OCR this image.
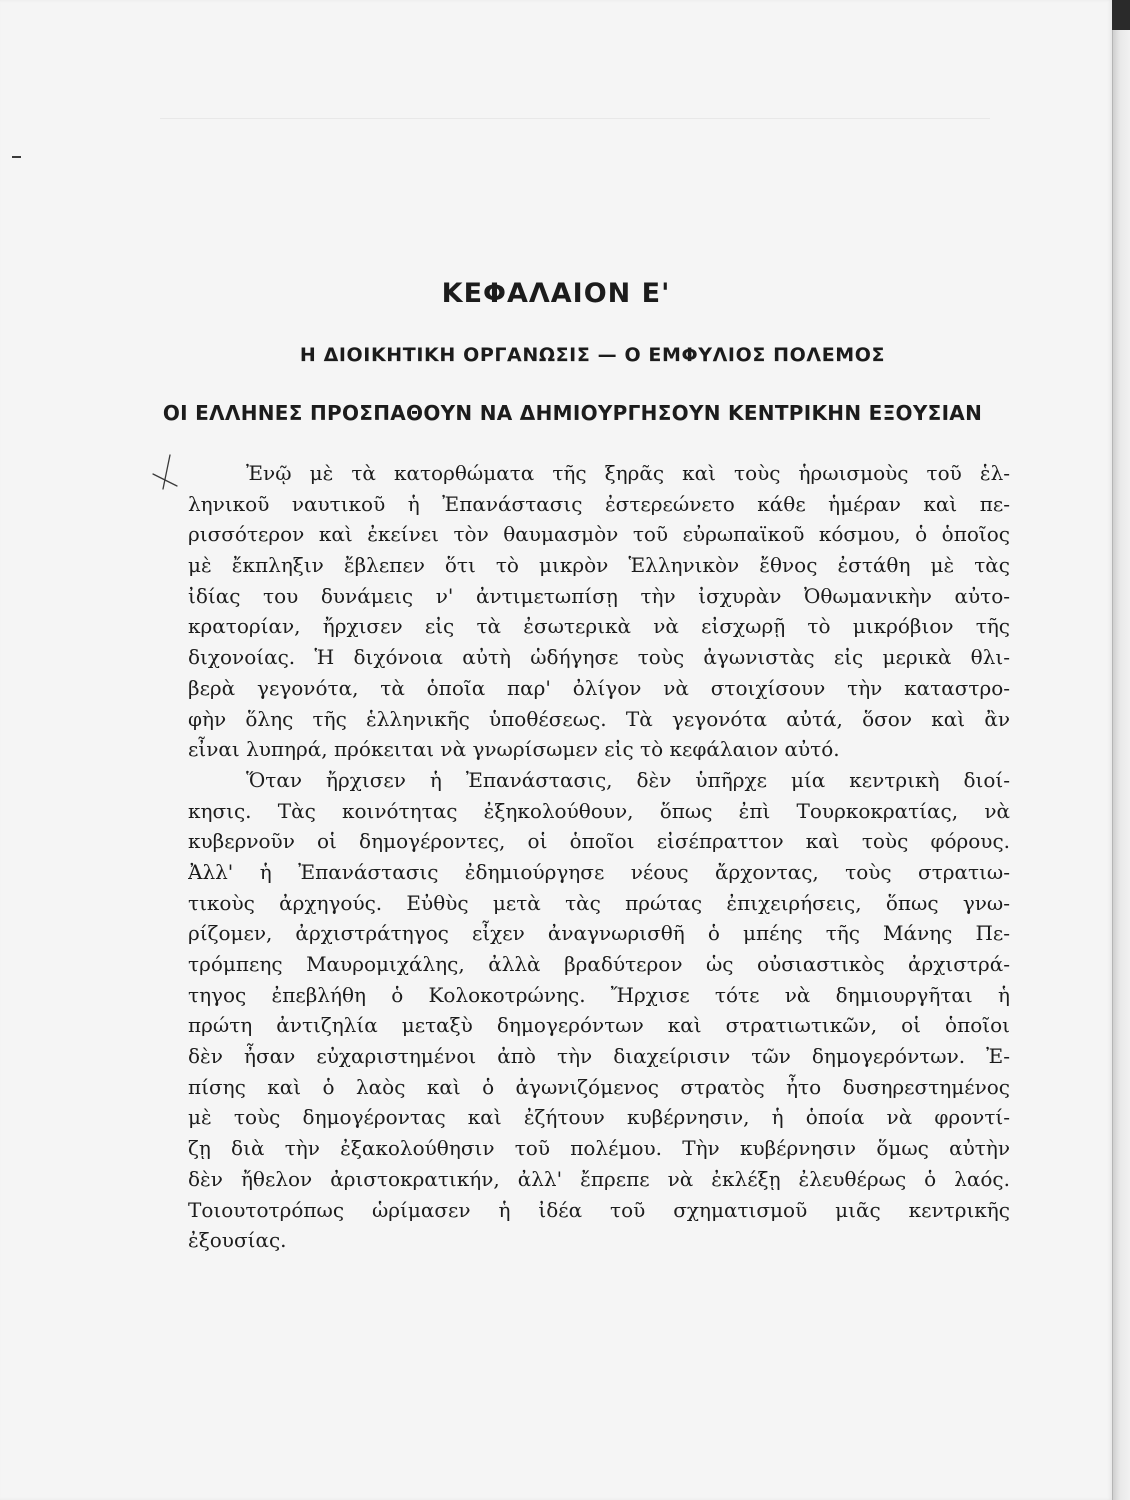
ΚΕΦΑΛΑΙΟΝ Ε'
Η ΔΙΟΙΚΗΤΙΚΗ ΟΡΓΑΝΩΣΙΣ — Ο ΕΜΦΥΛΙΟΣ ΠΟΛΕΜΟΣ
ΟΙ ΕΛΛΗΝΕΣ ΠΡΟΣΠΑΘΟΥΝ ΝΑ ΔΗΜΙΟΥΡΓΗΣΟΥΝ ΚΕΝΤΡΙΚΗΝ ΕΞΟΥΣΙΑΝ
Ἐνῷ μὲ τὰ κατορθώματα τῆς ξηρᾶς καὶ τοὺς ἡρωισμοὺς τοῦ ἑλ-
ληνικοῦ ναυτικοῦ ἡ Ἐπανάστασις ἐστερεώνετο κάθε ἡμέραν καὶ πε-
ρισσότερον καὶ ἐκείνει τὸν θαυμασμὸν τοῦ εὐρωπαϊκοῦ κόσμου, ὁ ὁποῖος
μὲ ἔκπληξιν ἔβλεπεν ὅτι τὸ μικρὸν Ἑλληνικὸν ἔθνος ἐστάθη μὲ τὰς
ἰδίας του δυνάμεις ν' ἀντιμετωπίσῃ τὴν ἰσχυρὰν Ὀθωμανικὴν αὐτο-
κρατορίαν, ἤρχισεν εἰς τὰ ἐσωτερικὰ νὰ εἰσχωρῇ τὸ μικρόβιον τῆς
διχονοίας. Ἡ διχόνοια αὐτὴ ὡδήγησε τοὺς ἀγωνιστὰς εἰς μερικὰ θλι-
βερὰ γεγονότα, τὰ ὁποῖα παρ' ὀλίγον νὰ στοιχίσουν τὴν καταστρο-
φὴν ὅλης τῆς ἑλληνικῆς ὑποθέσεως. Τὰ γεγονότα αὐτά, ὅσον καὶ ἂν
εἶναι λυπηρά, πρόκειται νὰ γνωρίσωμεν εἰς τὸ κεφάλαιον αὐτό.
Ὅταν ἤρχισεν ἡ Ἐπανάστασις, δὲν ὑπῆρχε μία κεντρικὴ διοί-
κησις. Τὰς κοινότητας ἐξηκολούθουν, ὅπως ἐπὶ Τουρκοκρατίας, νὰ
κυβερνοῦν οἱ δημογέροντες, οἱ ὁποῖοι εἰσέπραττον καὶ τοὺς φόρους.
Ἀλλ' ἡ Ἐπανάστασις ἐδημιούργησε νέους ἄρχοντας, τοὺς στρατιω-
τικοὺς ἀρχηγούς. Εὐθὺς μετὰ τὰς πρώτας ἐπιχειρήσεις, ὅπως γνω-
ρίζομεν, ἀρχιστράτηγος εἶχεν ἀναγνωρισθῆ ὁ μπέης τῆς Μάνης Πε-
τρόμπεης Μαυρομιχάλης, ἀλλὰ βραδύτερον ὡς οὐσιαστικὸς ἀρχιστρά-
τηγος ἐπεβλήθη ὁ Κολοκοτρώνης. Ἤρχισε τότε νὰ δημιουργῆται ἡ
πρώτη ἀντιζηλία μεταξὺ δημογερόντων καὶ στρατιωτικῶν, οἱ ὁποῖοι
δὲν ἦσαν εὐχαριστημένοι ἀπὸ τὴν διαχείρισιν τῶν δημογερόντων. Ἐ-
πίσης καὶ ὁ λαὸς καὶ ὁ ἀγωνιζόμενος στρατὸς ἦτο δυσηρεστημένος
μὲ τοὺς δημογέροντας καὶ ἐζήτουν κυβέρνησιν, ἡ ὁποία νὰ φροντί-
ζῃ διὰ τὴν ἐξακολούθησιν τοῦ πολέμου. Τὴν κυβέρνησιν ὅμως αὐτὴν
δὲν ἤθελον ἀριστοκρατικήν, ἀλλ' ἔπρεπε νὰ ἐκλέξῃ ἐλευθέρως ὁ λαός.
Τοιουτοτρόπως ὡρίμασεν ἡ ἰδέα τοῦ σχηματισμοῦ μιᾶς κεντρικῆς
ἐξουσίας.
